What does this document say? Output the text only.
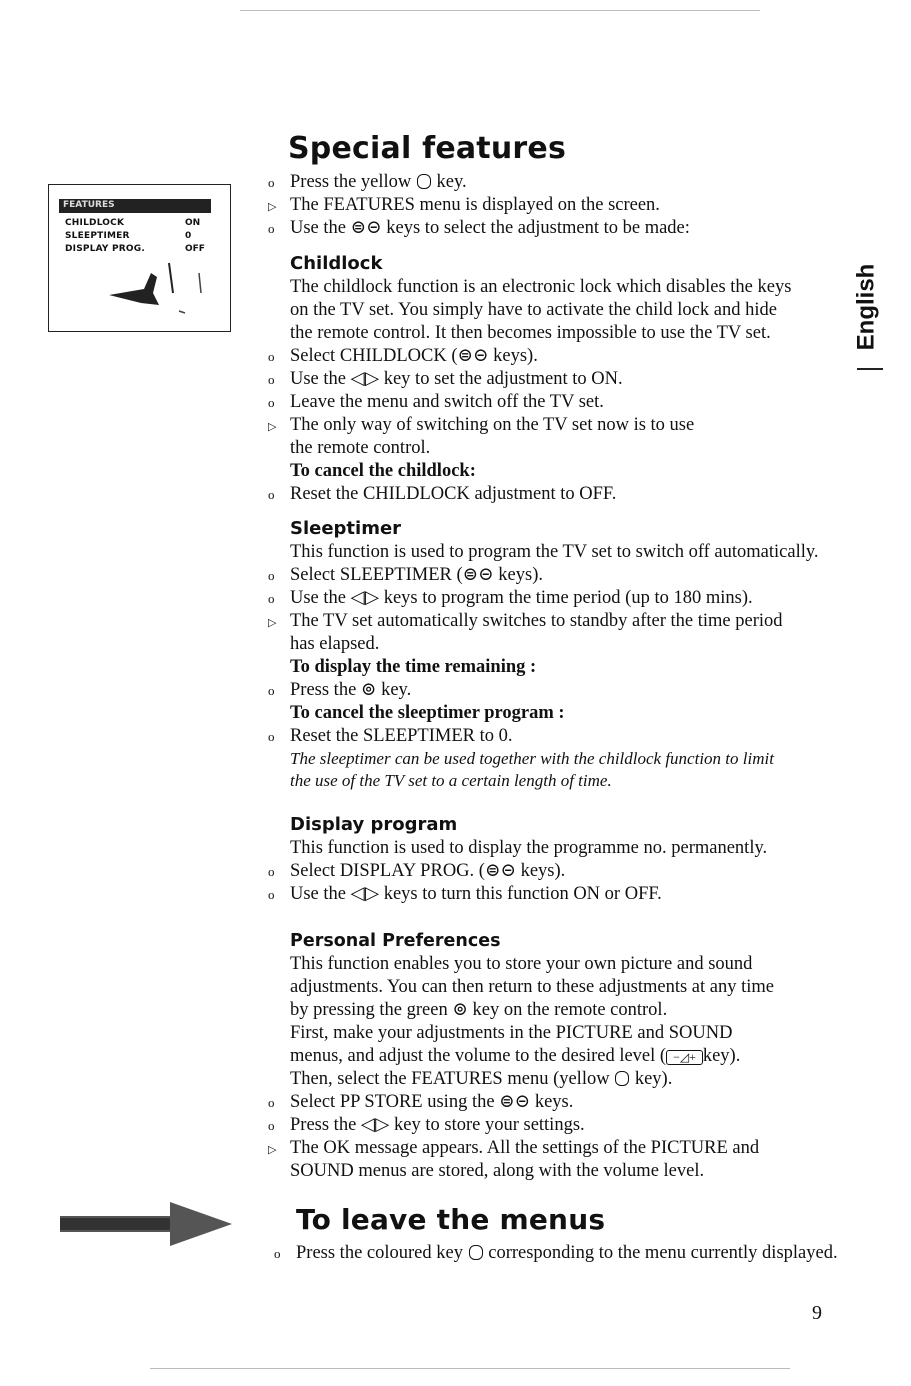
Special features
FEATURES
CHILDLOCK	ON
SLEEPTIMER	0
DISPLAY PROG.	OFF
English
o Press the yellow key.
▷ The FEATURES menu is displayed on the screen.
o Use the ⊜⊝ keys to select the adjustment to be made:
Childlock
The childlock function is an electronic lock which disables the keys
on the TV set. You simply have to activate the child lock and hide
the remote control. It then becomes impossible to use the TV set.
o Select CHILDLOCK (⊜⊝ keys).
o Use the ◁▷ key to set the adjustment to ON.
o Leave the menu and switch off the TV set.
▷ The only way of switching on the TV set now is to use
the remote control.
To cancel the childlock:
o Reset the CHILDLOCK adjustment to OFF.
Sleeptimer
This function is used to program the TV set to switch off automatically.
o Select SLEEPTIMER (⊜⊝ keys).
o Use the ◁▷ keys to program the time period (up to 180 mins).
▷ The TV set automatically switches to standby after the time period
has elapsed.
To display the time remaining :
o Press the ⊚ key.
To cancel the sleeptimer program :
o Reset the SLEEPTIMER to 0.
The sleeptimer can be used together with the childlock function to limit
the use of the TV set to a certain length of time.
Display program
This function is used to display the programme no. permanently.
o Select DISPLAY PROG. (⊜⊝ keys).
o Use the ◁▷ keys to turn this function ON or OFF.
Personal Preferences
This function enables you to store your own picture and sound
adjustments. You can then return to these adjustments at any time
by pressing the green ⊚ key on the remote control.
First, make your adjustments in the PICTURE and SOUND
menus, and adjust the volume to the desired level ( −◿+ key).
Then, select the FEATURES menu (yellow key).
o Select PP STORE using the ⊜⊝ keys.
o Press the ◁▷ key to store your settings.
▷ The OK message appears. All the settings of the PICTURE and
SOUND menus are stored, along with the volume level.
To leave the menus
o Press the coloured key corresponding to the menu currently displayed.
9
